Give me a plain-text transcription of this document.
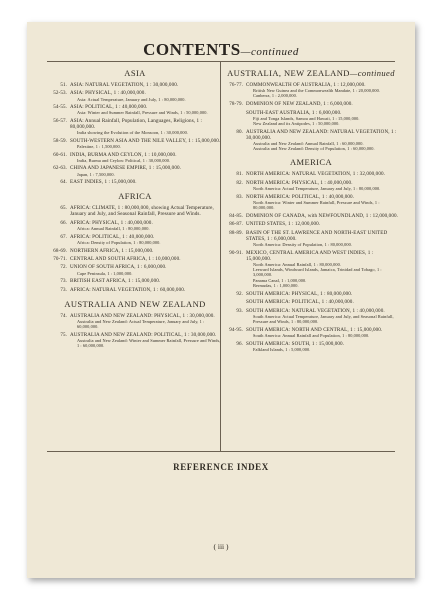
CONTENTS—continued
ASIA
51. ASIA: NATURAL VEGETATION, 1 : 30,000,000.
52-53. ASIA: PHYSICAL, 1 : 40,000,000.
Asia: Actual Temperature, January and July, 1 : 80,000,000.
54-55. ASIA: POLITICAL, 1 : 40,000,000.
Asia: Winter and Summer Rainfall, Pressure and Winds, 1 : 50,000,000.
56-57. ASIA: Annual Rainfall, Population, Languages, Religions, 1 : 80,000,000.
India showing the Evolution of the Monsoon, 1 : 30,000,000.
58-59. SOUTH-WESTERN ASIA AND THE NILE VALLEY, 1 : 15,000,000.
Palestine, 1 : 1,500,000.
60-61. INDIA, BURMA AND CEYLON, 1 : 10,000,000.
India, Burma and Ceylon: Political, 1 : 30,000,000.
62-63. CHINA AND JAPANESE EMPIRE, 1 : 15,000,000.
Japan, 1 : 7,500,000.
64. EAST INDIES, 1 : 15,000,000.
AFRICA
65. AFRICA: CLIMATE, 1 : 80,000,000, showing Actual Temperature, January and July, and Seasonal Rainfall, Pressure and Winds.
66. AFRICA: PHYSICAL, 1 : 40,000,000.
Africa: Annual Rainfall, 1 : 80,000,000.
67. AFRICA: POLITICAL, 1 : 40,000,000.
Africa: Density of Population, 1 : 80,000,000.
68-69. NORTHERN AFRICA, 1 : 15,000,000.
70-71. CENTRAL AND SOUTH AFRICA, 1 : 10,000,000.
72. UNION OF SOUTH AFRICA, 1 : 6,000,000.
Cape Peninsula, 1 : 1,000,000.
73. BRITISH EAST AFRICA, 1 : 15,000,000.
73. AFRICA: NATURAL VEGETATION, 1 : 60,000,000.
AUSTRALIA AND NEW ZEALAND
74. AUSTRALIA AND NEW ZEALAND: PHYSICAL, 1 : 30,000,000.
Australia and New Zealand: Actual Temperature, January and July, 1 : 60,000,000.
75. AUSTRALIA AND NEW ZEALAND: POLITICAL, 1 : 30,000,000.
Australia and New Zealand: Winter and Summer Rainfall, Pressure and Winds, 1 : 60,000,000.
AUSTRALIA, NEW ZEALAND—continued
76-77. COMMONWEALTH OF AUSTRALIA, 1 : 12,000,000.
British New Guinea and the Commonwealth Mandate, 1 : 20,000,000.
Canberra, 1 : 2,000,000.
78-79. DOMINION OF NEW ZEALAND, 1 : 6,000,000.
SOUTH-EAST AUSTRALIA, 1 : 6,000,000.
Fiji and Tonga Islands, Samoa and Hawaii, 1 : 15,000,000.
New Zealand and its Antipodes, 1 : 50,000,000.
80. AUSTRALIA AND NEW ZEALAND: NATURAL VEGETATION, 1 : 30,000,000.
Australia and New Zealand: Annual Rainfall, 1 : 60,000,000.
Australia and New Zealand: Density of Population, 1 : 60,000,000.
AMERICA
81. NORTH AMERICA: NATURAL VEGETATION, 1 : 32,000,000.
82. NORTH AMERICA: PHYSICAL, 1 : 40,000,000.
North America: Actual Temperature, January and July, 1 : 80,000,000.
83. NORTH AMERICA: POLITICAL, 1 : 40,000,000.
North America: Winter and Summer Rainfall, Pressure and Winds, 1 : 80,000,000.
84-85. DOMINION OF CANADA, with NEWFOUNDLAND, 1 : 12,000,000.
86-87. UNITED STATES, 1 : 12,000,000.
88-89. BASIN OF THE ST. LAWRENCE AND NORTH-EAST UNITED STATES, 1 : 6,000,000.
North America: Density of Population, 1 : 80,000,000.
90-91. MEXICO, CENTRAL AMERICA AND WEST INDIES, 1 : 15,000,000.
North America: Annual Rainfall, 1 : 80,000,000.
Leeward Islands, Windward Islands, Jamaica, Trinidad and Tobago, 1 : 3,000,000.
Panama Canal, 1 : 1,000,000.
Bermudas, 1 : 1,000,000.
92. SOUTH AMERICA: PHYSICAL, 1 : 80,000,000.
SOUTH AMERICA: POLITICAL, 1 : 40,000,000.
93. SOUTH AMERICA: NATURAL VEGETATION, 1 : 40,000,000.
South America: Actual Temperature, January and July, and Seasonal Rainfall, Pressure and Winds, 1 : 80,000,000.
94-95. SOUTH AMERICA: NORTH AND CENTRAL, 1 : 15,000,000.
South America: Annual Rainfall and Population, 1 : 80,000,000.
96. SOUTH AMERICA: SOUTH, 1 : 15,000,000.
Falkland Islands, 1 : 5,000,000.
REFERENCE INDEX
( iii )
